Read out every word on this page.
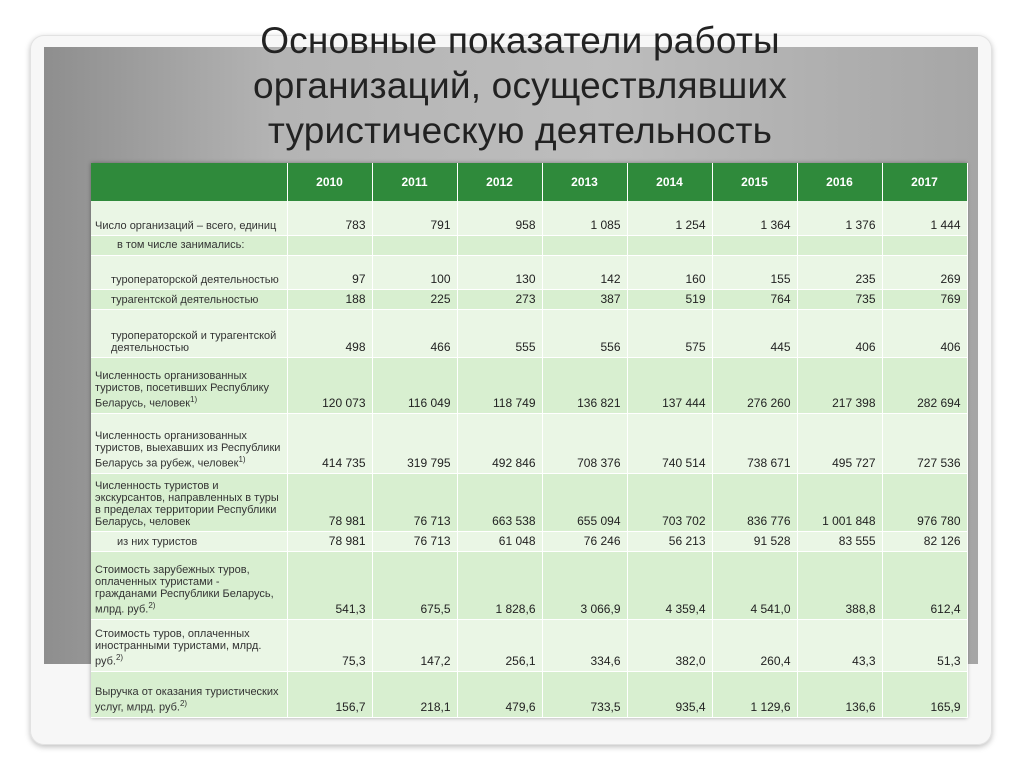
Основные показатели работы
организаций, осуществлявших
туристическую деятельность
	2010	2011	2012	2013	2014	2015	2016	2017
Число организаций – всего, единиц	783	791	958	1 085	1 254	1 364	1 376	1 444
в том числе занимались:								
туроператорской деятельностью	97	100	130	142	160	155	235	269
турагентской деятельностью	188	225	273	387	519	764	735	769
туроператорской и турагентской деятельностью	498	466	555	556	575	445	406	406
Численность организованных туристов, посетивших Республику Беларусь, человек$^{1)}$	120 073	116 049	118 749	136 821	137 444	276 260	217 398	282 694
Численность организованных туристов, выехавших из Республики Беларусь за рубеж, человек$^{1)}$	414 735	319 795	492 846	708 376	740 514	738 671	495 727	727 536
Численность туристов и экскурсантов, направленных в туры в пределах территории Республики Беларусь, человек	78 981	76 713	663 538	655 094	703 702	836 776	1 001 848	976 780
из них туристов	78 981	76 713	61 048	76 246	56 213	91 528	83 555	82 126
Стоимость зарубежных туров, оплаченных туристами - гражданами Республики Беларусь, млрд. руб.$^{2)}$	541,3	675,5	1 828,6	3 066,9	4 359,4	4 541,0	388,8	612,4
Стоимость туров, оплаченных иностранными туристами, млрд. руб.$^{2)}$	75,3	147,2	256,1	334,6	382,0	260,4	43,3	51,3
Выручка от оказания туристических услуг, млрд. руб.$^{2)}$	156,7	218,1	479,6	733,5	935,4	1 129,6	136,6	165,9
